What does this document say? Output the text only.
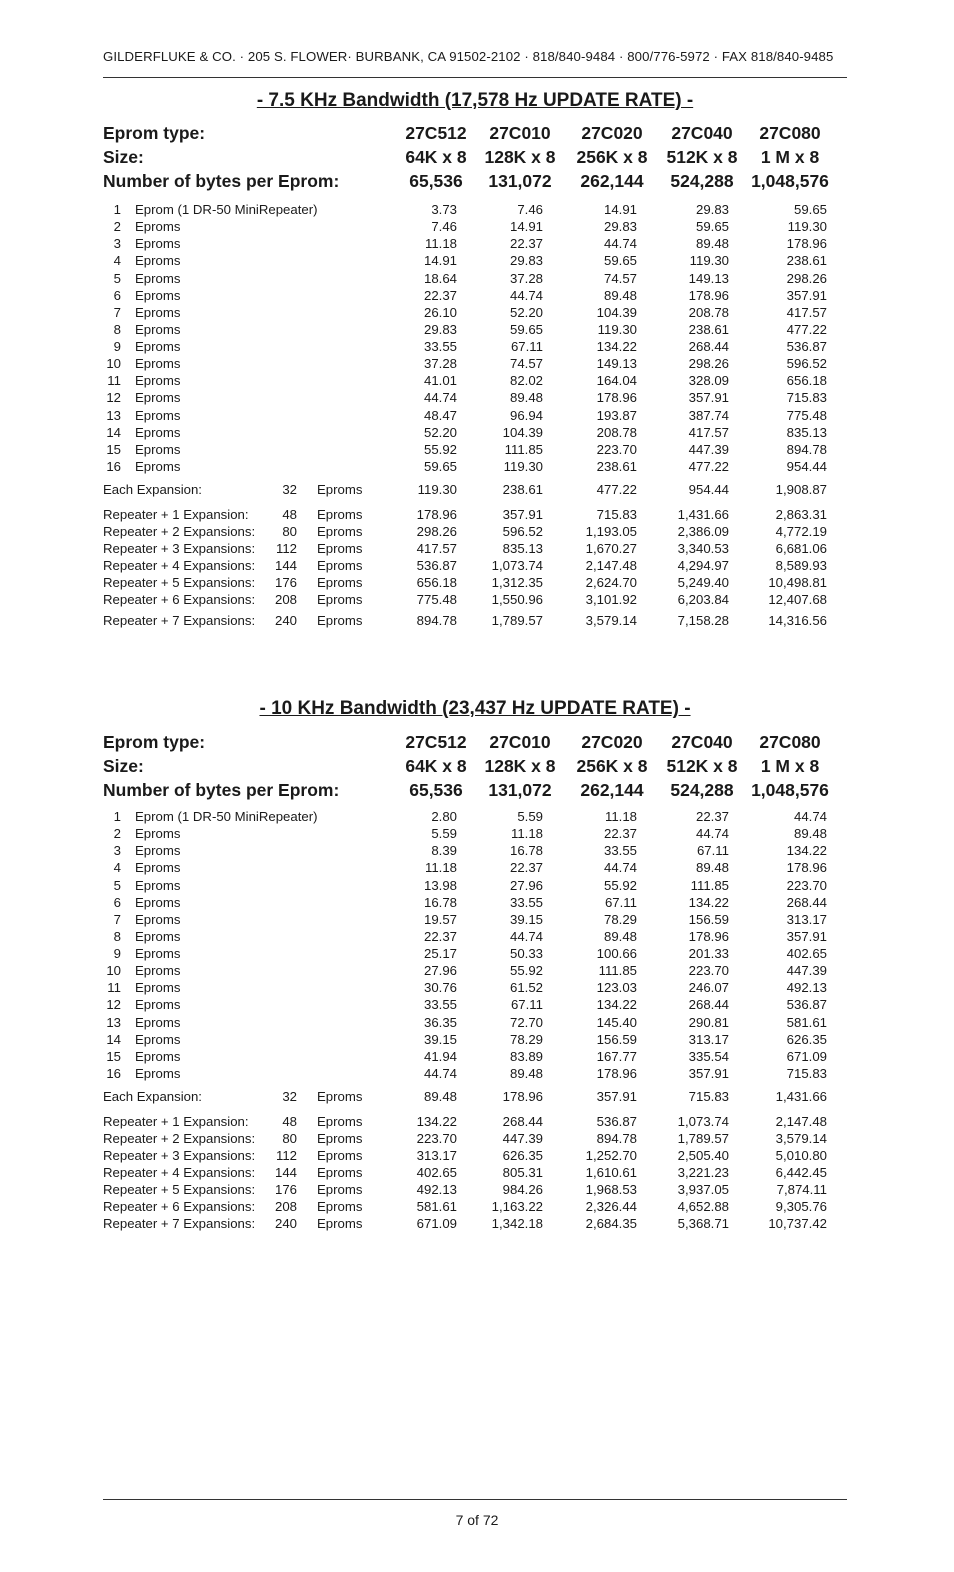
GILDERFLUKE & CO. · 205 S. FLOWER· BURBANK, CA 91502-2102 · 818/840-9484 · 800/776-5972 · FAX 818/840-9485
- 7.5 KHz Bandwidth (17,578 Hz UPDATE RATE) -
Eprom type:	27C512	27C010	27C020	27C040	27C080
Size:	64K x 8	128K x 8	256K x 8	512K x 8	1 M x 8
Number of bytes per Eprom:	65,536	131,072	262,144	524,288 1,048,576
1 Eprom (1 DR-50 MiniRepeater)	3.73	7.46	14.91	29.83	59.65
2 Eproms	7.46	14.91	29.83	59.65	119.30
3 Eproms	11.18	22.37	44.74	89.48	178.96
4 Eproms	14.91	29.83	59.65	119.30	238.61
5 Eproms	18.64	37.28	74.57	149.13	298.26
6 Eproms	22.37	44.74	89.48	178.96	357.91
7 Eproms	26.10	52.20	104.39	208.78	417.57
8 Eproms	29.83	59.65	119.30	238.61	477.22
9 Eproms	33.55	67.11	134.22	268.44	536.87
10 Eproms	37.28	74.57	149.13	298.26	596.52
11 Eproms	41.01	82.02	164.04	328.09	656.18
12 Eproms	44.74	89.48	178.96	357.91	715.83
13 Eproms	48.47	96.94	193.87	387.74	775.48
14 Eproms	52.20	104.39	208.78	417.57	835.13
15 Eproms	55.92	111.85	223.70	447.39	894.78
16 Eproms	59.65	119.30	238.61	477.22	954.44
Each Expansion:	32 Eproms	119.30	238.61	477.22	954.44	1,908.87
Repeater + 1 Expansion:	48 Eproms	178.96	357.91	715.83	1,431.66	2,863.31
Repeater + 2 Expansions:	80 Eproms	298.26	596.52	1,193.05	2,386.09	4,772.19
Repeater + 3 Expansions:	112 Eproms	417.57	835.13	1,670.27	3,340.53	6,681.06
Repeater + 4 Expansions:	144 Eproms	536.87	1,073.74	2,147.48	4,294.97	8,589.93
Repeater + 5 Expansions:	176 Eproms	656.18	1,312.35	2,624.70	5,249.40	10,498.81
Repeater + 6 Expansions:	208 Eproms	775.48	1,550.96	3,101.92	6,203.84	12,407.68
Repeater + 7 Expansions:	240 Eproms	894.78	1,789.57	3,579.14	7,158.28	14,316.56
- 10 KHz Bandwidth (23,437 Hz UPDATE RATE) -
Eprom type:	27C512	27C010	27C020	27C040	27C080
Size:	64K x 8	128K x 8	256K x 8	512K x 8	1 M x 8
Number of bytes per Eprom:	65,536	131,072	262,144	524,288 1,048,576
1 Eprom (1 DR-50 MiniRepeater)	2.80	5.59	11.18	22.37	44.74
2 Eproms	5.59	11.18	22.37	44.74	89.48
3 Eproms	8.39	16.78	33.55	67.11	134.22
4 Eproms	11.18	22.37	44.74	89.48	178.96
5 Eproms	13.98	27.96	55.92	111.85	223.70
6 Eproms	16.78	33.55	67.11	134.22	268.44
7 Eproms	19.57	39.15	78.29	156.59	313.17
8 Eproms	22.37	44.74	89.48	178.96	357.91
9 Eproms	25.17	50.33	100.66	201.33	402.65
10 Eproms	27.96	55.92	111.85	223.70	447.39
11 Eproms	30.76	61.52	123.03	246.07	492.13
12 Eproms	33.55	67.11	134.22	268.44	536.87
13 Eproms	36.35	72.70	145.40	290.81	581.61
14 Eproms	39.15	78.29	156.59	313.17	626.35
15 Eproms	41.94	83.89	167.77	335.54	671.09
16 Eproms	44.74	89.48	178.96	357.91	715.83
Each Expansion:	32 Eproms	89.48	178.96	357.91	715.83	1,431.66
Repeater + 1 Expansion:	48 Eproms	134.22	268.44	536.87	1,073.74	2,147.48
Repeater + 2 Expansions:	80 Eproms	223.70	447.39	894.78	1,789.57	3,579.14
Repeater + 3 Expansions:	112 Eproms	313.17	626.35	1,252.70	2,505.40	5,010.80
Repeater + 4 Expansions:	144 Eproms	402.65	805.31	1,610.61	3,221.23	6,442.45
Repeater + 5 Expansions:	176 Eproms	492.13	984.26	1,968.53	3,937.05	7,874.11
Repeater + 6 Expansions:	208 Eproms	581.61	1,163.22	2,326.44	4,652.88	9,305.76
Repeater + 7 Expansions:	240 Eproms	671.09	1,342.18	2,684.35	5,368.71	10,737.42
7 of 72
